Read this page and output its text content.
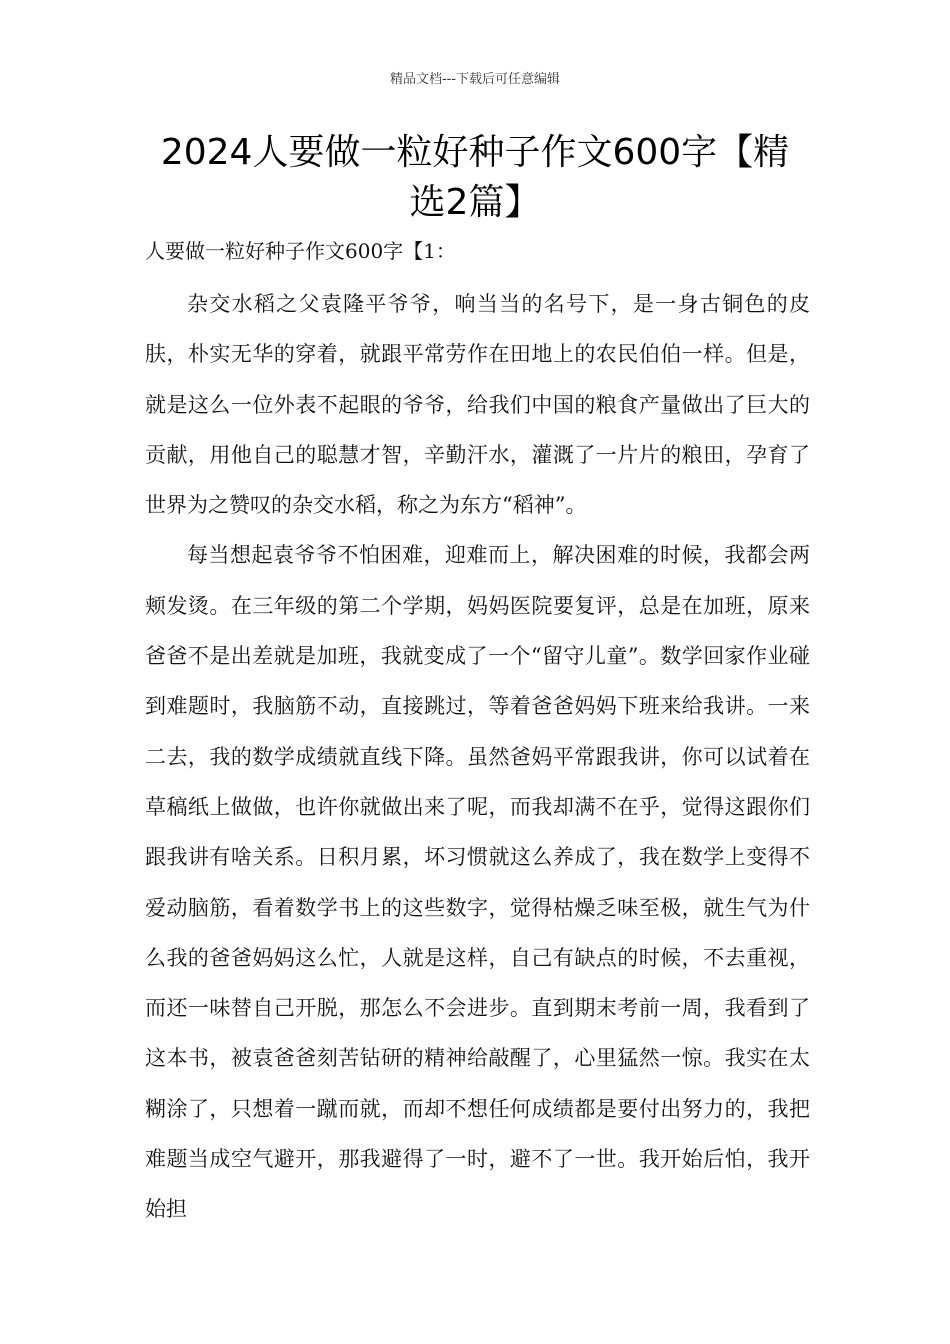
精品文档---下载后可任意编辑
2024人要做一粒好种子作文600字【精选2篇】

人要做一粒好种子作文600字【1：

杂交水稻之父袁隆平爷爷，响当当的名号下，是一身古铜色的皮肤，朴实无华的穿着，就跟平常劳作在田地上的农民伯伯一样。但是，就是这么一位外表不起眼的爷爷，给我们中国的粮食产量做出了巨大的贡献，用他自己的聪慧才智，辛勤汗水，灌溉了一片片的粮田，孕育了世界为之赞叹的杂交水稻，称之为东方“稻神”。

每当想起袁爷爷不怕困难，迎难而上，解决困难的时候，我都会两颊发烫。在三年级的第二个学期，妈妈医院要复评，总是在加班，原来爸爸不是出差就是加班，我就变成了一个“留守儿童”。数学回家作业碰到难题时，我脑筋不动，直接跳过，等着爸爸妈妈下班来给我讲。一来二去，我的数学成绩就直线下降。虽然爸妈平常跟我讲，你可以试着在草稿纸上做做，也许你就做出来了呢，而我却满不在乎，觉得这跟你们跟我讲有啥关系。日积月累，坏习惯就这么养成了，我在数学上变得不爱动脑筋，看着数学书上的这些数字，觉得枯燥乏味至极，就生气为什么我的爸爸妈妈这么忙，人就是这样，自己有缺点的时候，不去重视，而还一味替自己开脱，那怎么不会进步。直到期末考前一周，我看到了这本书，被袁爸爸刻苦钻研的精神给敲醒了，心里猛然一惊。我实在太糊涂了，只想着一蹴而就，而却不想任何成绩都是要付出努力的，我把难题当成空气避开，那我避得了一时，避不了一世。我开始后怕，我开始担
